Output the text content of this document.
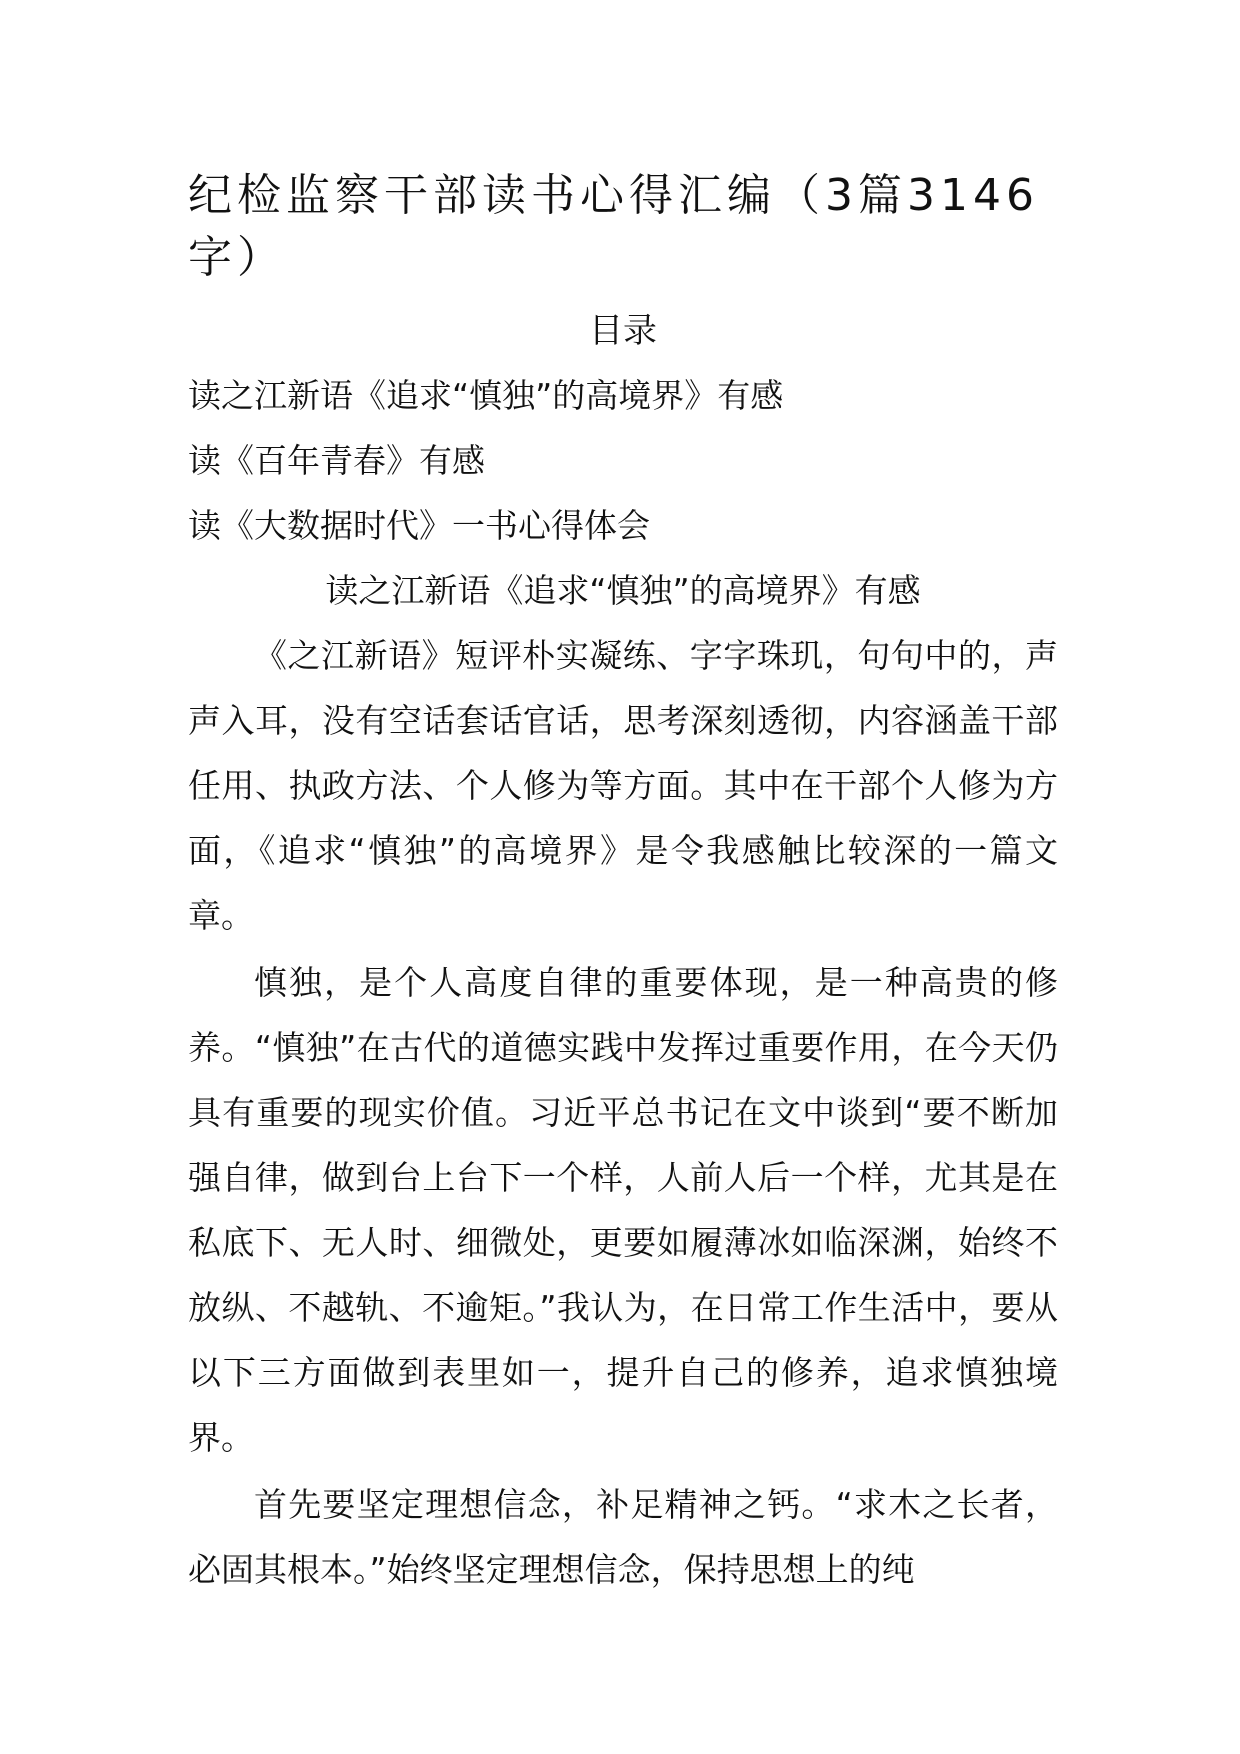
纪检监察干部读书心得汇编（3篇3146字）
目录
读之江新语《追求“慎独”的高境界》有感
读《百年青春》有感
读《大数据时代》一书心得体会
读之江新语《追求“慎独”的高境界》有感

《之江新语》短评朴实凝练、字字珠玑，句句中的，声声入耳，没有空话套话官话，思考深刻透彻，内容涵盖干部任用、执政方法、个人修为等方面。其中在干部个人修为方面，《追求“慎独”的高境界》是令我感触比较深的一篇文章。

慎独，是个人高度自律的重要体现，是一种高贵的修养。“慎独”在古代的道德实践中发挥过重要作用，在今天仍具有重要的现实价值。习近平总书记在文中谈到“要不断加强自律，做到台上台下一个样，人前人后一个样，尤其是在私底下、无人时、细微处，更要如履薄冰如临深渊，始终不放纵、不越轨、不逾矩。”我认为，在日常工作生活中，要从以下三方面做到表里如一，提升自己的修养，追求慎独境界。

首先要坚定理想信念，补足精神之钙。“求木之长者，必固其根本。”始终坚定理想信念，保持思想上的纯
